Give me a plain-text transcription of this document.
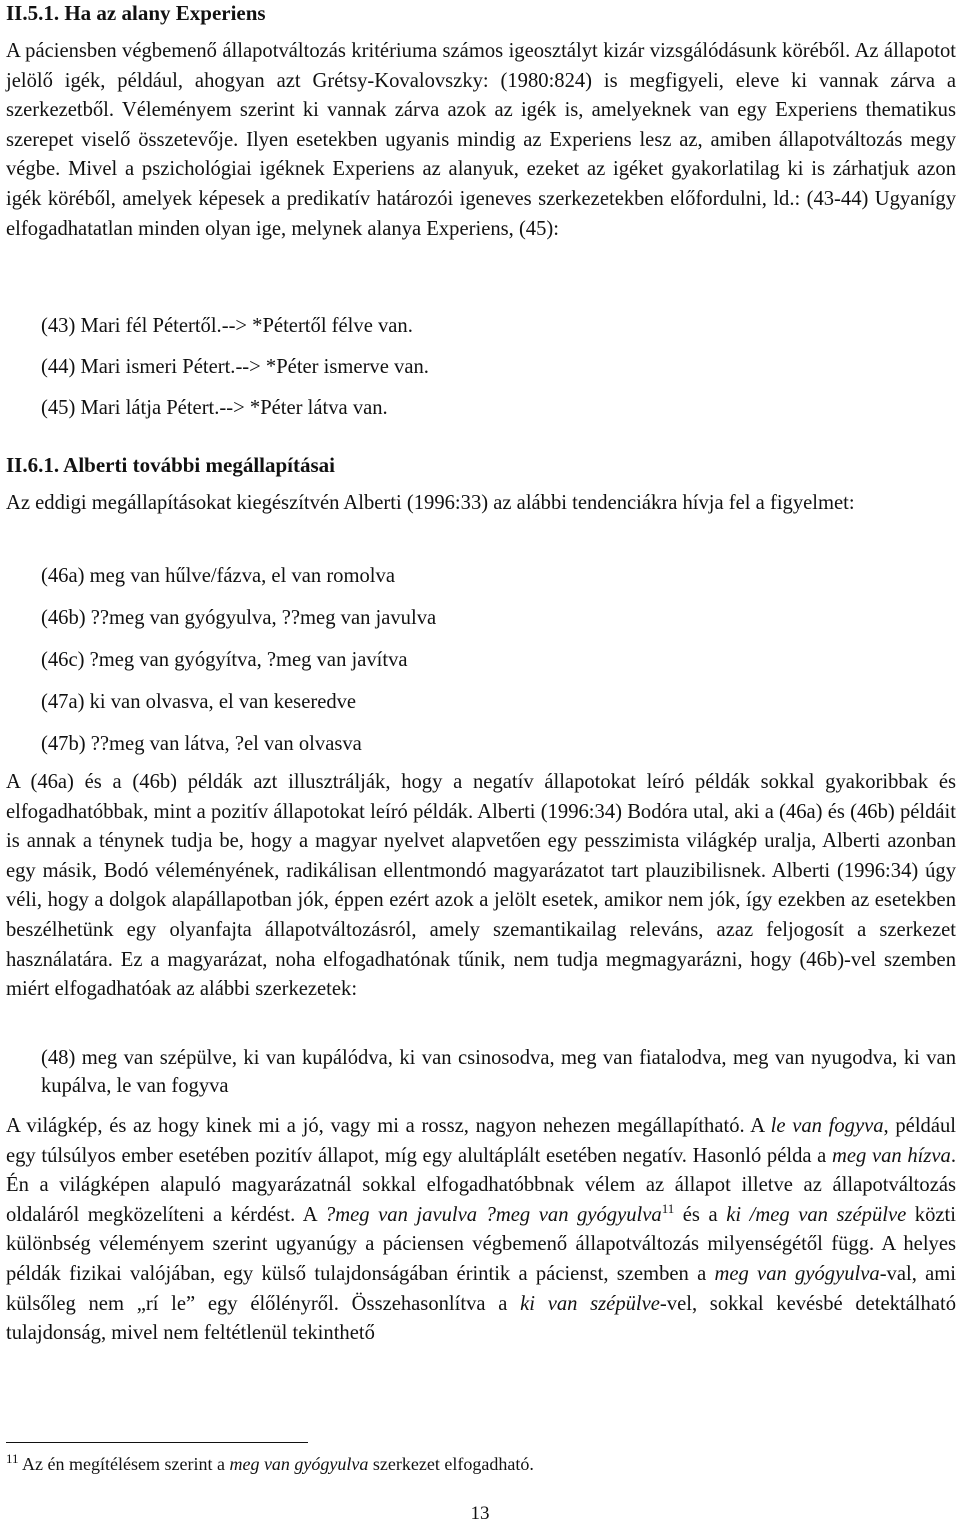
II.5.1. Ha az alany Experiens

A páciensben végbemenő állapotváltozás kritériuma számos igeosztályt kizár vizsgálódásunk köréből. Az állapotot jelölő igék, például, ahogyan azt Grétsy-Kovalovszky: (1980:824) is megfigyeli, eleve ki vannak zárva a szerkezetből. Véleményem szerint ki vannak zárva azok az igék is, amelyeknek van egy Experiens thematikus szerepet viselő összetevője. Ilyen esetekben ugyanis mindig az Experiens lesz az, amiben állapotváltozás megy végbe. Mivel a pszichológiai igéknek Experiens az alanyuk, ezeket az igéket gyakorlatilag ki is zárhatjuk azon igék köréből, amelyek képesek a predikatív határozói igeneves szerkezetekben előfordulni, ld.: (43-44) Ugyanígy elfogadhatatlan minden olyan ige, melynek alanya Experiens, (45):

(43) Mari fél Pétertől.--> *Pétertől félve van.
(44) Mari ismeri Pétert.--> *Péter ismerve van.
(45) Mari látja Pétert.--> *Péter látva van.
II.6.1. Alberti további megállapításai

Az eddigi megállapításokat kiegészítvén Alberti (1996:33) az alábbi tendenciákra hívja fel a figyelmet:

(46a) meg van hűlve/fázva, el van romolva
(46b) ??meg van gyógyulva, ??meg van javulva
(46c) ?meg van gyógyítva, ?meg van javítva
(47a) ki van olvasva, el van keseredve
(47b) ??meg van látva, ?el van olvasva

A (46a) és a (46b) példák azt illusztrálják, hogy a negatív állapotokat leíró példák sokkal gyakoribbak és elfogadhatóbbak, mint a pozitív állapotokat leíró példák. Alberti (1996:34) Bodóra utal, aki a (46a) és (46b) példáit is annak a ténynek tudja be, hogy a magyar nyelvet alapvetően egy pesszimista világkép uralja, Alberti azonban egy másik, Bodó véleményének, radikálisan ellentmondó magyarázatot tart plauzibilisnek. Alberti (1996:34) úgy véli, hogy a dolgok alapállapotban jók, éppen ezért azok a jelölt esetek, amikor nem jók, így ezekben az esetekben beszélhetünk egy olyanfajta állapotváltozásról, amely szemantikailag releváns, azaz feljogosít a szerkezet használatára. Ez a magyarázat, noha elfogadhatónak tűnik, nem tudja megmagyarázni, hogy (46b)-vel szemben miért elfogadhatóak az alábbi szerkezetek:

(48) meg van szépülve, ki van kupálódva, ki van csinosodva, meg van fiatalodva, meg van nyugodva, ki van kupálva, le van fogyva

A világkép, és az hogy kinek mi a jó, vagy mi a rossz, nagyon nehezen megállapítható. A le van fogyva, például egy túlsúlyos ember esetében pozitív állapot, míg egy alultáplált esetében negatív. Hasonló példa a meg van hízva. Én a világképen alapuló magyarázatnál sokkal elfogadhatóbbnak vélem az állapot illetve az állapotváltozás oldaláról megközelíteni a kérdést. A ?meg van javulva ?meg van gyógyulva$^{11}$ és a ki /meg van szépülve közti különbség véleményem szerint ugyanúgy a páciensen végbemenő állapotváltozás milyenségétől függ. A helyes példák fizikai valójában, egy külső tulajdonságában érintik a pácienst, szemben a meg van gyógyulva-val, ami külsőleg nem „rí le” egy élőlényről. Összehasonlítva a ki van szépülve-vel, sokkal kevésbé detektálható tulajdonság, mivel nem feltétlenül tekinthető

$^{11}$ Az én megítélésem szerint a meg van gyógyulva szerkezet elfogadható.
13
